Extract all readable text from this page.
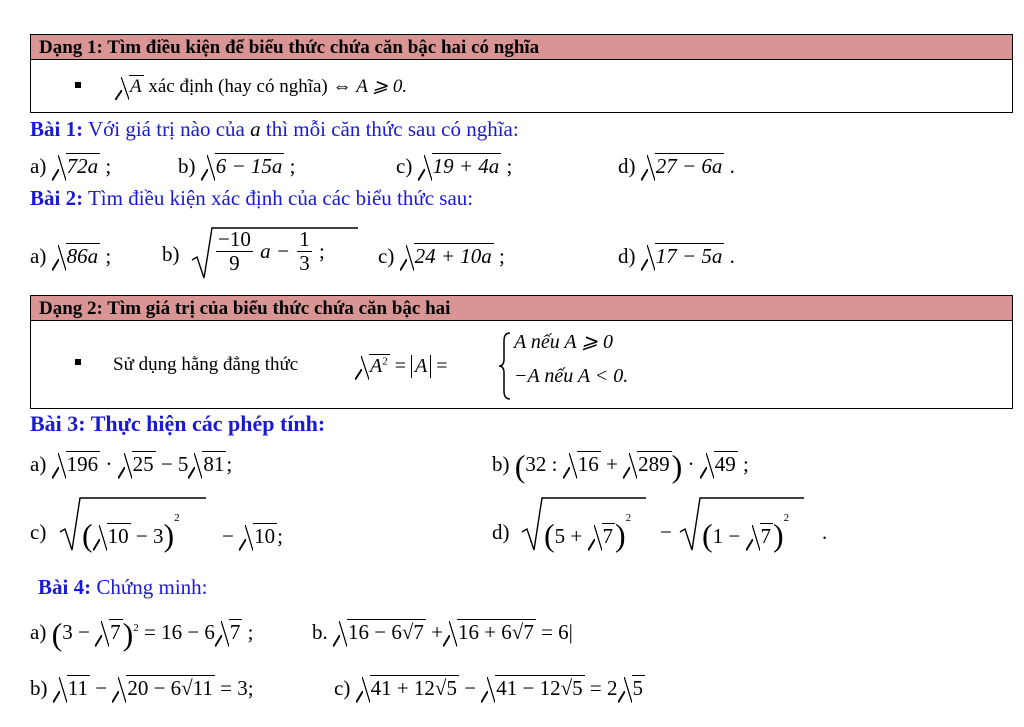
Dạng 1: Tìm điều kiện để biểu thức chứa căn bậc hai có nghĩa
A xác định (hay có nghĩa) ⇔ A ⩾ 0.
Bài 1: Với giá trị nào của a thì mỗi căn thức sau có nghĩa:
a) 72a ;	b) 6 − 15a ;	c) 19 + 4a ;	d) 27 − 6a .
Bài 2: Tìm điều kiện xác định của các biểu thức sau:
a) 86a ; $b) \frac{-10}{9}$ $a - \frac{1}{3}$ ;	c) 24 + 10a ;	d) 17 − 5a .
Dạng 2: Tìm giá trị của biểu thức chứa căn bậc hai
Sử dụng hằng đẳng thức	$A^2 = A$ =
A nếu A ⩾ 0
−A nếu A < 0.
Bài 3: Thực hiện các phép tính:
a) 196 · 25 − 5 81;	b) (32 : 16 + 289) · 49 ;
c) ( 10 − 3)$^2$
− 10;	d) $(5 + 7)^2$
− $(1 - 7)^2$
.
Bài 4: Chứng minh:
a) $(3 - 7)^2 = 16 - 6$ 7 ;	b. 16 − 6√7 + 16 + 6√7 = 6|
b) 11 − 20 − 6√11 = 3;	c) 41 + 12√5 − 41 − 12√5 = 2 5
